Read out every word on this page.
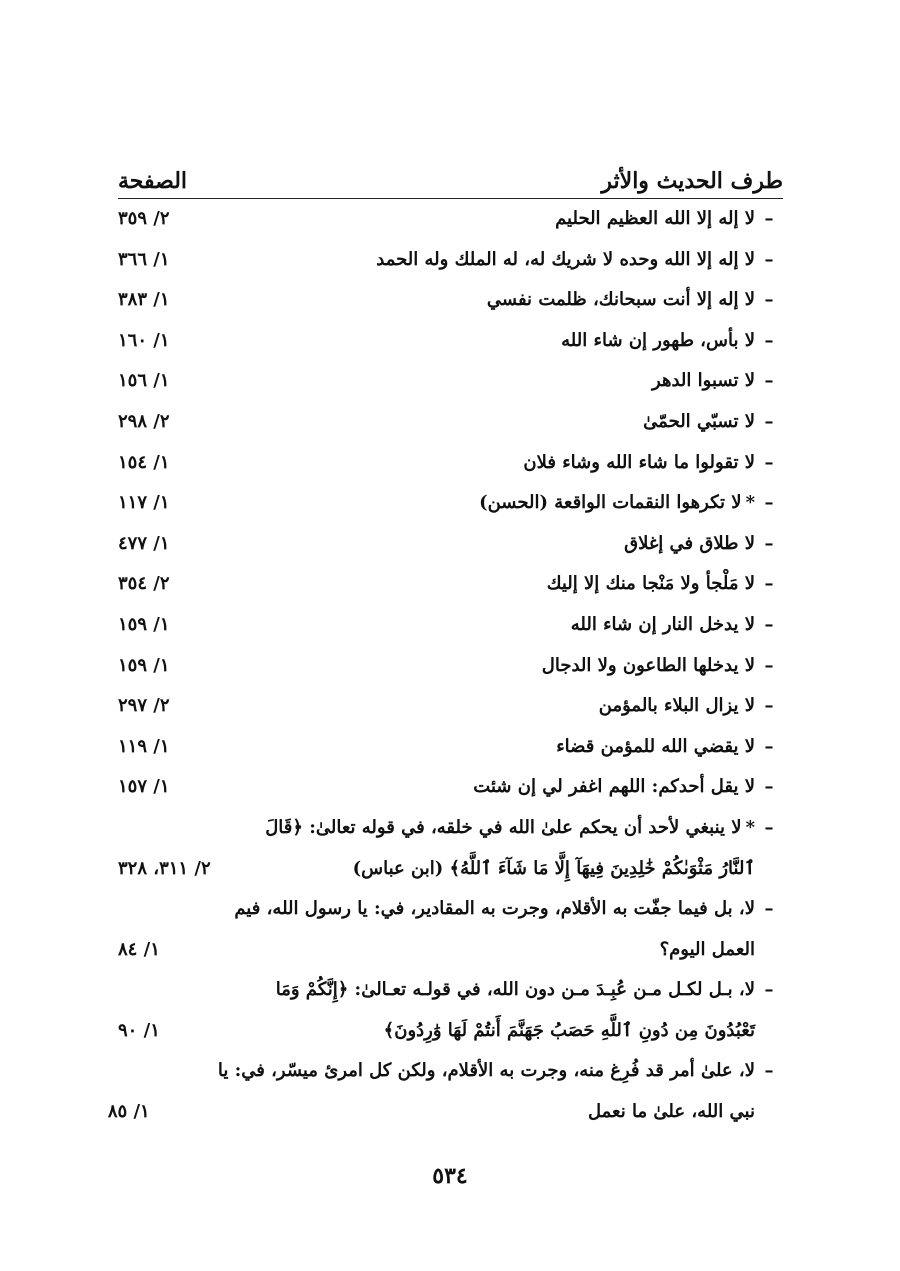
طرف الحديث والأثر
الصفحة
–
لا إله إلا الله العظيم الحليم
٢/ ٣٥٩
–
لا إله إلا الله وحده لا شريك له، له الملك وله الحمد
١/ ٣٦٦
–
لا إله إلا أنت سبحانك، ظلمت نفسي
١/ ٣٨٣
–
لا بأس، طهور إن شاء الله
١/ ١٦٠
–
لا تسبوا الدهر
١/ ١٥٦
–
لا تسبّي الحمّىٰ
٢/ ٢٩٨
–
لا تقولوا ما شاء الله وشاء فلان
١/ ١٥٤
–
*لا تكرهوا النقمات الواقعة (الحسن)
١/ ١١٧
–
لا طلاق في إغلاق
١/ ٤٧٧
–
لا مَلْجأ ولا مَنْجا منك إلا إليك
٢/ ٣٥٤
–
لا يدخل النار إن شاء الله
١/ ١٥٩
–
لا يدخلها الطاعون ولا الدجال
١/ ١٥٩
–
لا يزال البلاء بالمؤمن
٢/ ٢٩٧
–
لا يقضي الله للمؤمن قضاء
١/ ١١٩
–
لا يقل أحدكم: اللهم اغفر لي إن شئت
١/ ١٥٧
–
*لا ينبغي لأحد أن يحكم علىٰ الله في خلقه، في قوله تعالىٰ: ﴿قَالَ
ٱلنَّارُ مَثْوَىٰكُمْ خَٰلِدِينَ فِيهَآ إِلَّا مَا شَآءَ ٱللَّهُ﴾ (ابن عباس)
٢/ ٣١١، ٣٢٨
–
لا، بل فيما جفّت به الأقلام، وجرت به المقادير، في: يا رسول الله، فيم
العمل اليوم؟
١/ ٨٤
–
لا، بـل لكـل مـن عُبِـدَ مـن دون الله، في قولـه تعـالىٰ: ﴿إِنَّكُمْ وَمَا
تَعْبُدُونَ مِن دُونِ ٱللَّهِ حَصَبُ جَهَنَّمَ أَنتُمْ لَهَا وَٰرِدُونَ﴾
١/ ٩٠
–
لا، علىٰ أمر قد فُرِغ منه، وجرت به الأقلام، ولكن كل امرئ ميسّر، في: يا
نبي الله، علىٰ ما نعمل
١/ ٨٥
٥٣٤
